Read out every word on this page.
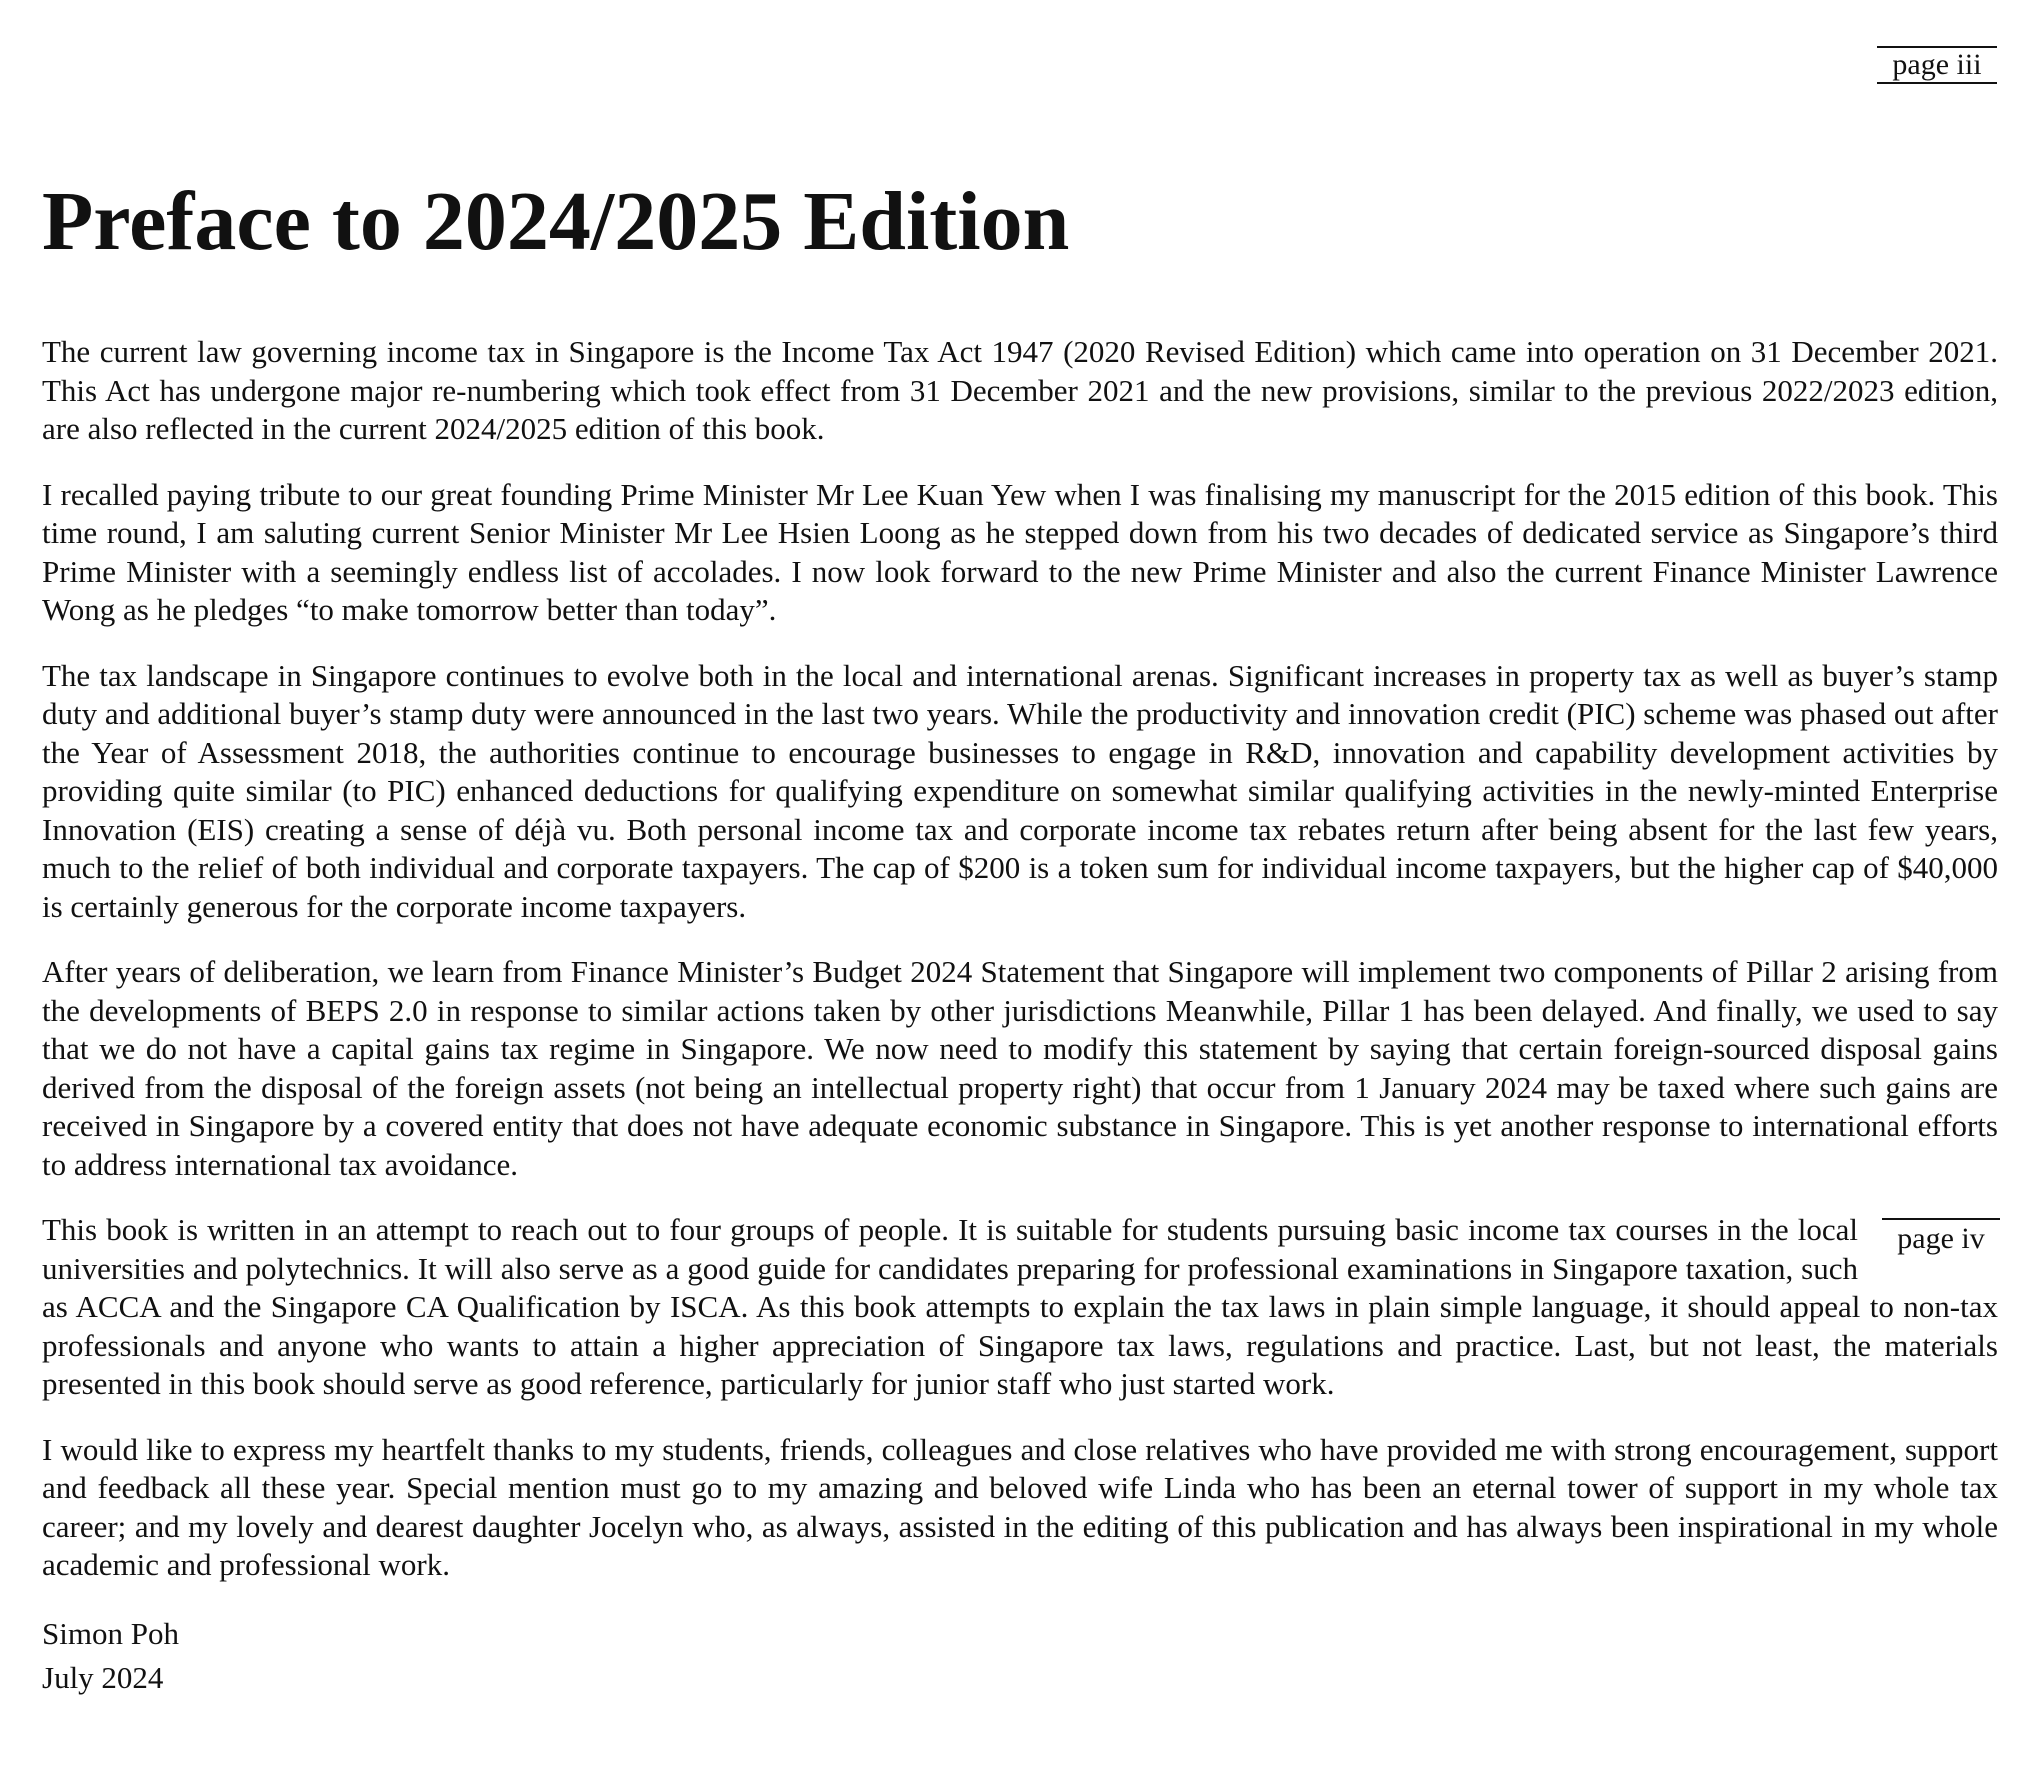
page iii
page iv
Preface to 2024/2025 Edition

The current law governing income tax in Singapore is the Income Tax Act 1947 (2020 Revised Edition) which came into operation on 31 December 2021. This Act has undergone major re-numbering which took effect from 31 December 2021 and the new provisions, similar to the previous 2022/2023 edition, are also reflected in the current 2024/2025 edition of this book.

I recalled paying tribute to our great founding Prime Minister Mr Lee Kuan Yew when I was finalising my manuscript for the 2015 edition of this book. This time round, I am saluting current Senior Minister Mr Lee Hsien Loong as he stepped down from his two decades of dedicated service as Singapore’s third Prime Minister with a seemingly endless list of accolades. I now look forward to the new Prime Minister and also the current Finance Minister Lawrence Wong as he pledges “to make tomorrow better than today”.

The tax landscape in Singapore continues to evolve both in the local and international arenas. Significant increases in property tax as well as buyer’s stamp duty and additional buyer’s stamp duty were announced in the last two years. While the productivity and innovation credit (PIC) scheme was phased out after the Year of Assessment 2018, the authorities continue to encourage businesses to engage in R&D, innovation and capability development activities by providing quite similar (to PIC) enhanced deductions for qualifying expenditure on somewhat similar qualifying activities in the newly-minted Enterprise Innovation (EIS) creating a sense of déjà vu. Both personal income tax and corporate income tax rebates return after being absent for the last few years, much to the relief of both individual and corporate taxpayers. The cap of $200 is a token sum for individual income taxpayers, but the higher cap of $40,000 is certainly generous for the corporate income taxpayers.

After years of deliberation, we learn from Finance Minister’s Budget 2024 Statement that Singapore will implement two components of Pillar 2 arising from the developments of BEPS 2.0 in response to similar actions taken by other jurisdictions Meanwhile, Pillar 1 has been delayed. And finally, we used to say that we do not have a capital gains tax regime in Singapore. We now need to modify this statement by saying that certain foreign-sourced disposal gains derived from the disposal of the foreign assets (not being an intellectual property right) that occur from 1 January 2024 may be taxed where such gains are received in Singapore by a covered entity that does not have adequate economic substance in Singapore. This is yet another response to international efforts to address international tax avoidance.

This book is written in an attempt to reach out to four groups of people. It is suitable for students pursuing basic income tax courses in the local universities and polytechnics. It will also serve as a good guide for candidates preparing for professional examinations in Singapore taxation, such as ACCA and the Singapore CA Qualification by ISCA. As this book attempts to explain the tax laws in plain simple language, it should appeal to non-tax professionals and anyone who wants to attain a higher appreciation of Singapore tax laws, regulations and practice. Last, but not least, the materials presented in this book should serve as good reference, particularly for junior staff who just started work.

I would like to express my heartfelt thanks to my students, friends, colleagues and close relatives who have provided me with strong encouragement, support and feedback all these year. Special mention must go to my amazing and beloved wife Linda who has been an eternal tower of support in my whole tax career; and my lovely and dearest daughter Jocelyn who, as always, assisted in the editing of this publication and has always been inspirational in my whole academic and professional work.

Simon Poh

July 2024
